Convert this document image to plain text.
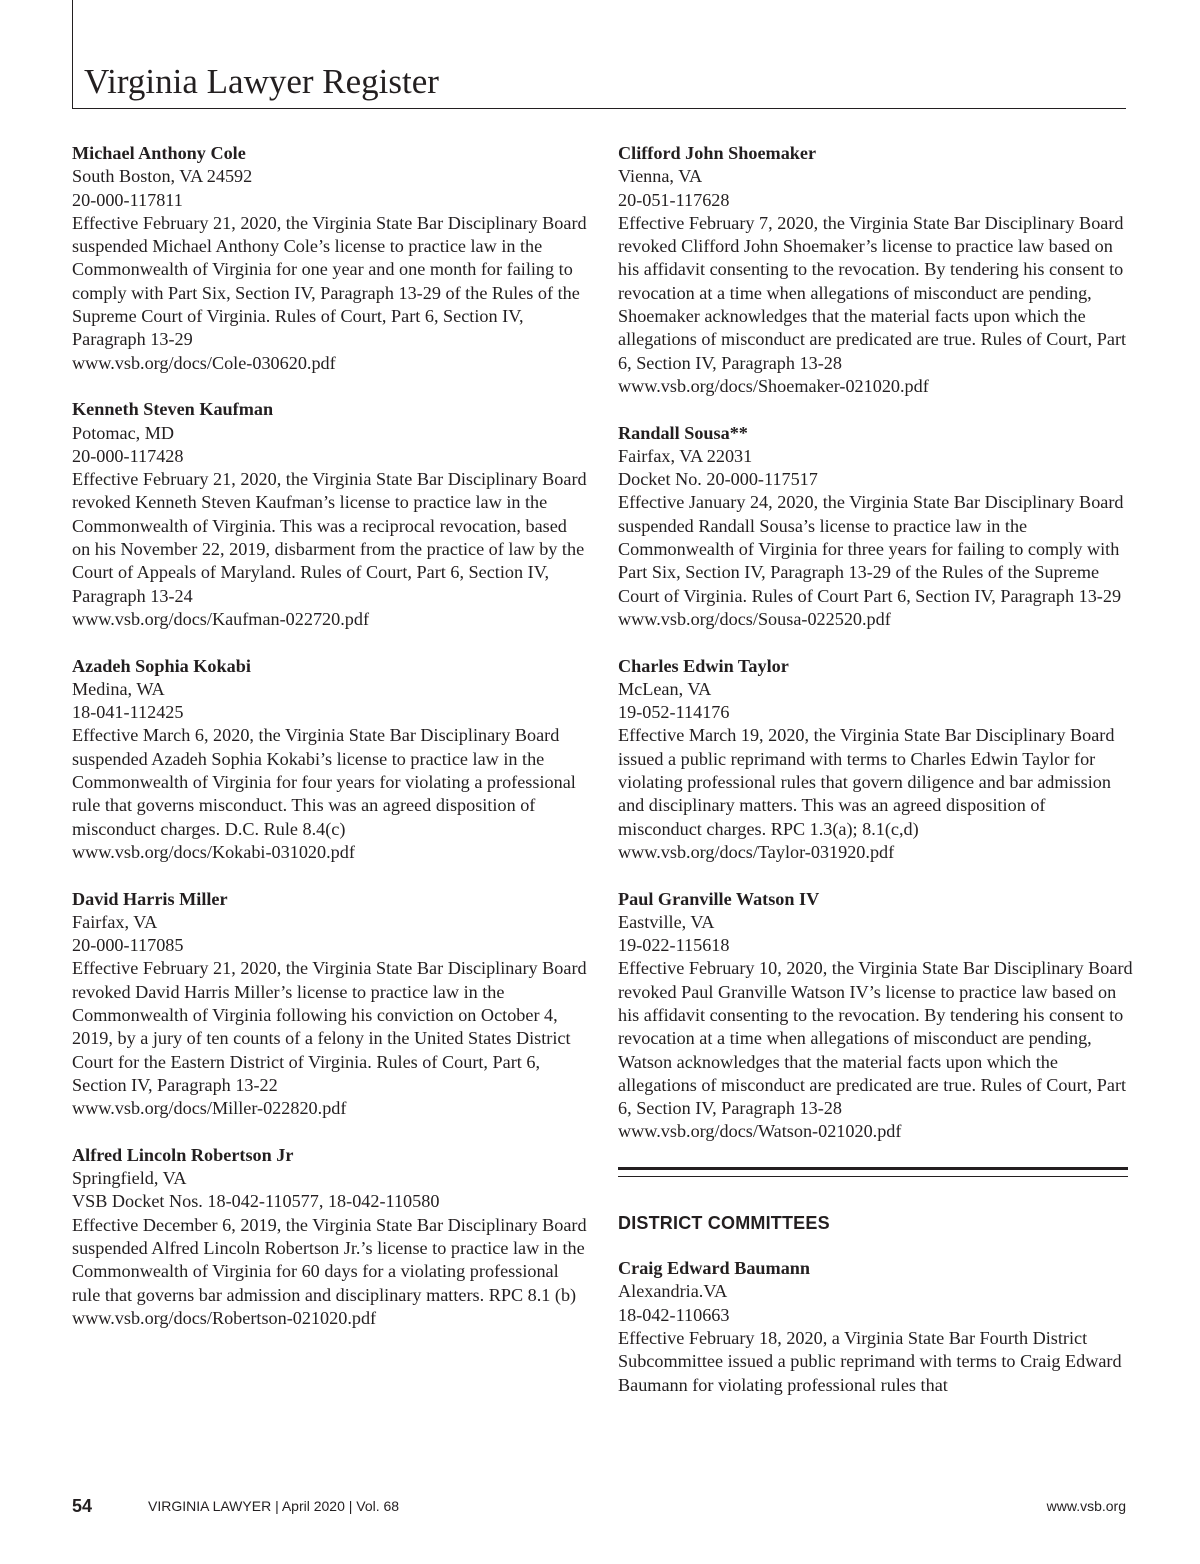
Virginia Lawyer Register
Michael Anthony Cole
South Boston, VA 24592
20-000-117811
Effective February 21, 2020, the Virginia State Bar Disciplinary Board suspended Michael Anthony Cole’s license to practice law in the Commonwealth of Virginia for one year and one month for failing to comply with Part Six, Section IV, Paragraph 13-29 of the Rules of the Supreme Court of Virginia. Rules of Court, Part 6, Section IV, Paragraph 13-29
www.vsb.org/docs/Cole-030620.pdf
Kenneth Steven Kaufman
Potomac, MD
20-000-117428
Effective February 21, 2020, the Virginia State Bar Disciplinary Board revoked Kenneth Steven Kaufman’s license to practice law in the Commonwealth of Virginia. This was a reciprocal revocation, based on his November 22, 2019, disbarment from the practice of law by the Court of Appeals of Maryland. Rules of Court, Part 6, Section IV, Paragraph 13-24
www.vsb.org/docs/Kaufman-022720.pdf
Azadeh Sophia Kokabi
Medina, WA
18-041-112425
Effective March 6, 2020, the Virginia State Bar Disciplinary Board suspended Azadeh Sophia Kokabi’s license to practice law in the Commonwealth of Virginia for four years for violating a professional rule that governs misconduct. This was an agreed disposition of misconduct charges. D.C. Rule 8.4(c)
www.vsb.org/docs/Kokabi-031020.pdf
David Harris Miller
Fairfax, VA
20-000-117085
Effective February 21, 2020, the Virginia State Bar Disciplinary Board revoked David Harris Miller’s license to practice law in the Commonwealth of Virginia following his conviction on October 4, 2019, by a jury of ten counts of a felony in the United States District Court for the Eastern District of Virginia. Rules of Court, Part 6, Section IV, Paragraph 13-22
www.vsb.org/docs/Miller-022820.pdf
Alfred Lincoln Robertson Jr
Springfield, VA
VSB Docket Nos. 18-042-110577, 18-042-110580
Effective December 6, 2019, the Virginia State Bar Disciplinary Board suspended Alfred Lincoln Robertson Jr.’s license to practice law in the Commonwealth of Virginia for 60 days for a violating professional rule that governs bar admission and disciplinary matters. RPC 8.1 (b)
www.vsb.org/docs/Robertson-021020.pdf
Clifford John Shoemaker
Vienna, VA
20-051-117628
Effective February 7, 2020, the Virginia State Bar Disciplinary Board revoked Clifford John Shoemaker’s license to practice law based on his affidavit consenting to the revocation. By tendering his consent to revocation at a time when allegations of misconduct are pending, Shoemaker acknowledges that the material facts upon which the allegations of misconduct are predicated are true. Rules of Court, Part 6, Section IV, Paragraph 13-28
www.vsb.org/docs/Shoemaker-021020.pdf
Randall Sousa**
Fairfax, VA 22031
Docket No. 20-000-117517
Effective January 24, 2020, the Virginia State Bar Disciplinary Board suspended Randall Sousa’s license to practice law in the Commonwealth of Virginia for three years for failing to comply with Part Six, Section IV, Paragraph 13-29 of the Rules of the Supreme Court of Virginia. Rules of Court Part 6, Section IV, Paragraph 13-29
www.vsb.org/docs/Sousa-022520.pdf
Charles Edwin Taylor
McLean, VA
19-052-114176
Effective March 19, 2020, the Virginia State Bar Disciplinary Board issued a public reprimand with terms to Charles Edwin Taylor for violating professional rules that govern diligence and bar admission and disciplinary matters. This was an agreed disposition of misconduct charges. RPC 1.3(a); 8.1(c,d)
www.vsb.org/docs/Taylor-031920.pdf
Paul Granville Watson IV
Eastville, VA
19-022-115618
Effective February 10, 2020, the Virginia State Bar Disciplinary Board revoked Paul Granville Watson IV’s license to practice law based on his affidavit consenting to the revocation. By tendering his consent to revocation at a time when allegations of misconduct are pending, Watson acknowledges that the material facts upon which the allegations of misconduct are predicated are true. Rules of Court, Part 6, Section IV, Paragraph 13-28
www.vsb.org/docs/Watson-021020.pdf
DISTRICT COMMITTEES
Craig Edward Baumann
Alexandria.VA
18-042-110663
Effective February 18, 2020, a Virginia State Bar Fourth District Subcommittee issued a public reprimand with terms to Craig Edward Baumann for violating professional rules that
54	VIRGINIA LAWYER | April 2020 | Vol. 68	www.vsb.org
